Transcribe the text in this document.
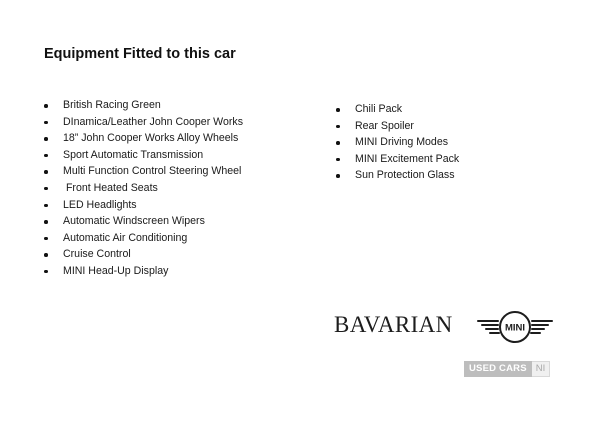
Equipment Fitted to this car
British Racing Green
DInamica/Leather John Cooper Works
18” John Cooper Works Alloy Wheels
Sport Automatic Transmission
Multi Function Control Steering Wheel
Front Heated Seats
LED Headlights
Automatic Windscreen Wipers
Automatic Air Conditioning
Cruise Control
MINI Head-Up Display
Chili Pack
Rear Spoiler
MINI Driving Modes
MINI Excitement Pack
Sun Protection Glass
BAVARIAN	MINI
USED CARS NI
